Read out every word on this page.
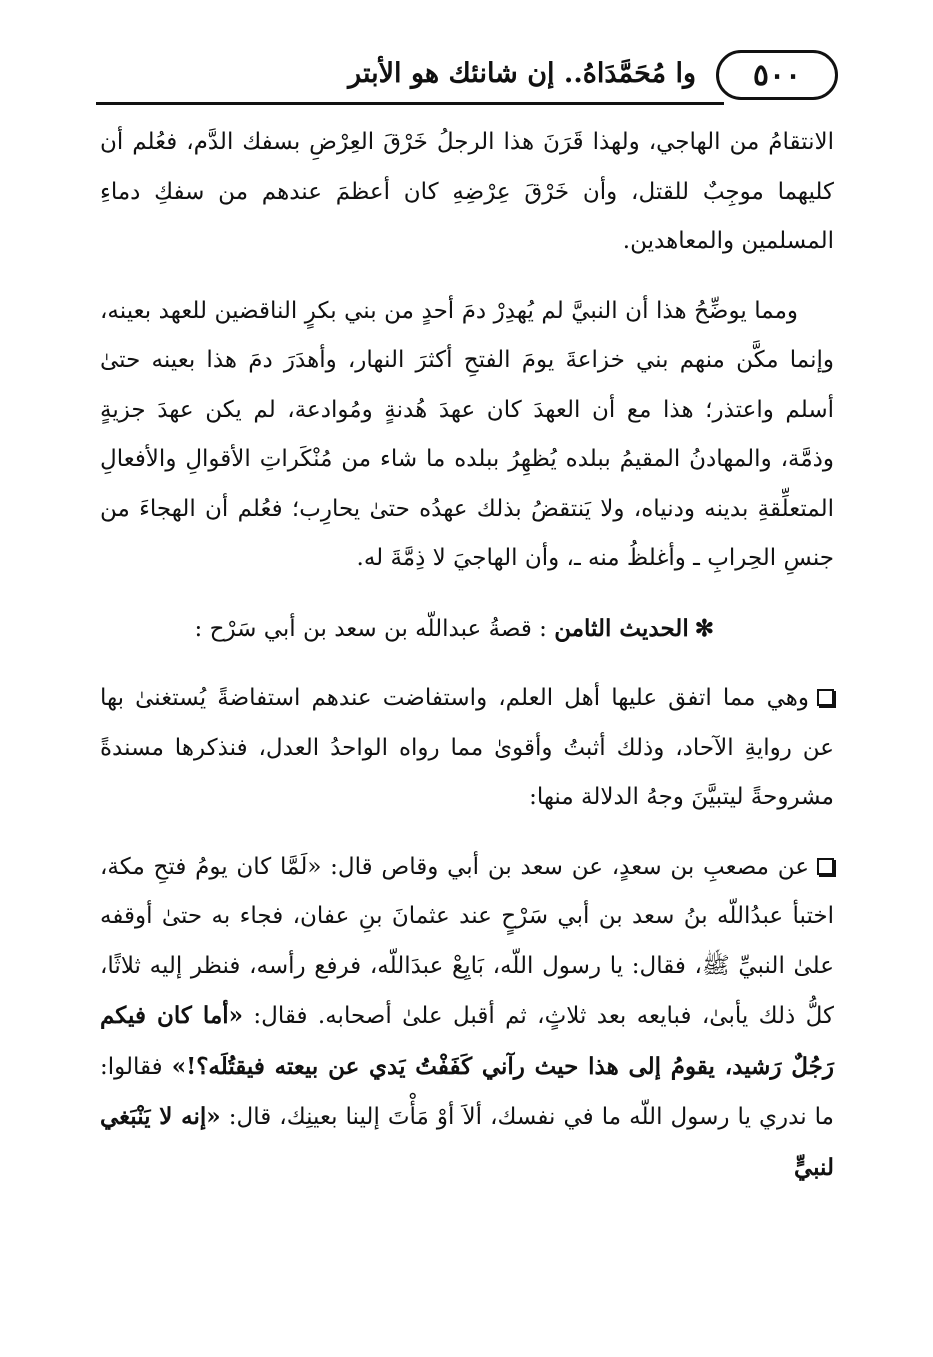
٥٠٠
وا مُحَمَّدَاهُ.. إن شانئك هو الأبتر

الانتقامُ من الهاجي، ولهذا قَرَنَ هذا الرجلُ خَرْقَ العِرْضِ بسفك الدَّم، فعُلم أن كليهما موجِبٌ للقتل، وأن خَرْقَ عِرْضِهِ كان أعظمَ عندهم من سفكِ دماءِ المسلمين والمعاهدين.

ومما يوضِّحُ هذا أن النبيَّ لم يُهدِرْ دمَ أحدٍ من بني بكرٍ الناقضين للعهد بعينه، وإنما مكَّن منهم بني خزاعةَ يومَ الفتحِ أكثرَ النهار، وأهدَرَ دمَ هذا بعينه حتىٰ أسلم واعتذر؛ هذا مع أن العهدَ كان عهدَ هُدنةٍ ومُوادعة، لم يكن عهدَ جزيةٍ وذمَّة، والمهادنُ المقيمُ ببلده يُظهِرُ ببلده ما شاء من مُنْكَراتِ الأقوالِ والأفعالِ المتعلِّقةِ بدينه ودنياه، ولا يَنتقضُ بذلك عهدُه حتىٰ يحارِب؛ فعُلم أن الهجاءَ من جنسِ الحِرابِ ـ وأغلظُ منه ـ، وأن الهاجيَ لا ذِمَّةَ له.

✻الحديث الثامن : قصةُ عبداللّه بن سعد بن أبي سَرْح :

وهي مما اتفق عليها أهل العلم، واستفاضت عندهم استفاضةً يُستغنىٰ بها عن روايةِ الآحاد، وذلك أثبتُ وأقوىٰ مما رواه الواحدُ العدل، فنذكرها مسندةً مشروحةً ليتبيَّنَ وجهُ الدلالة منها:

عن مصعبِ بن سعدٍ، عن سعد بن أبي وقاص قال: «لَمَّا كان يومُ فتحِ مكة، اختبأ عبدُاللّه بنُ سعد بن أبي سَرْحٍ عند عثمانَ بنِ عفان، فجاء به حتىٰ أوقفه علىٰ النبيِّ ﷺ، فقال: يا رسول اللّه، بَايِعْ عبدَاللّه، فرفع رأسه، فنظر إليه ثلاثًا، كلُّ ذلك يأبىٰ، فبايعه بعد ثلاثٍ، ثم أقبل علىٰ أصحابه. فقال: «أما كان فيكم رَجُلٌ رَشيد، يقومُ إلى هذا حيث رآني كَفَفْتُ يَدي عن بيعته فيقتُلَه؟!» فقالوا: ما ندري يا رسول اللّه ما في نفسك، ألاَ أوْ مَأْتَ إلينا بعينِك، قال: «إنه لا يَنْبَغي لنبيٍّ
